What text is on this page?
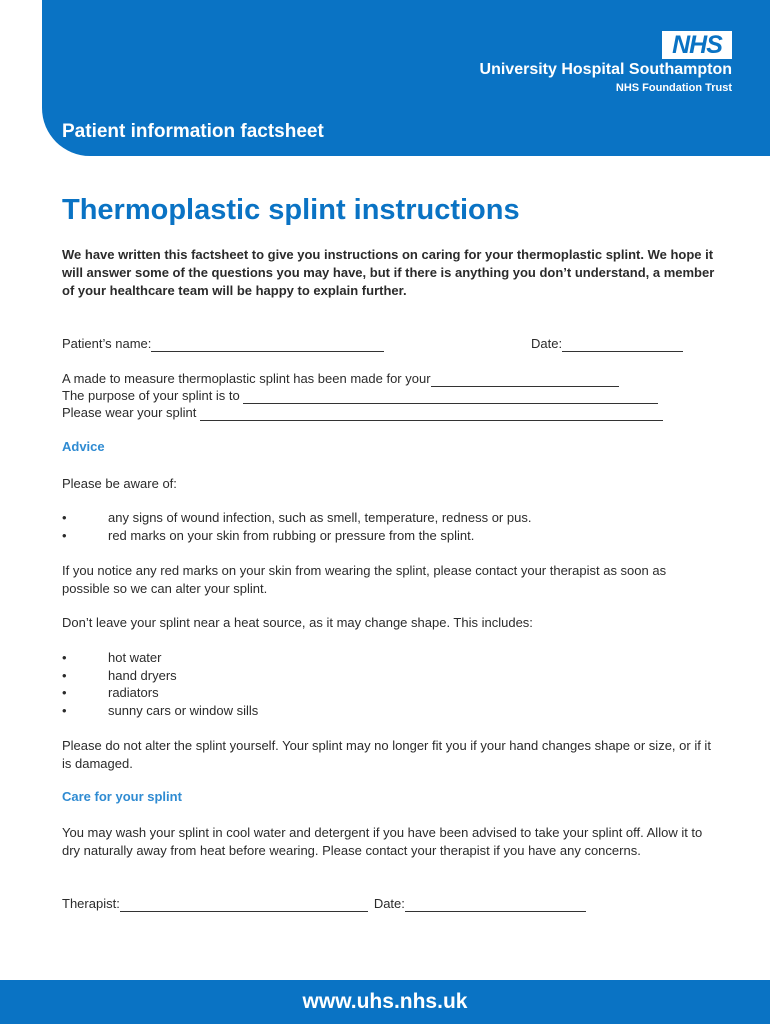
NHS
University Hospital Southampton
NHS Foundation Trust
Patient information factsheet
Thermoplastic splint instructions

We have written this factsheet to give you instructions on caring for your thermoplastic splint. We hope it will answer some of the questions you may have, but if there is anything you don’t understand, a member of your healthcare team will be happy to explain further.

Patient’s name:	Date:
A made to measure thermoplastic splint has been made for your
The purpose of your splint is to
Please wear your splint
Advice

Please be aware of:

•	any signs of wound infection, such as smell, temperature, redness or pus.
•	red marks on your skin from rubbing or pressure from the splint.

If you notice any red marks on your skin from wearing the splint, please contact your therapist as soon as possible so we can alter your splint.

Don’t leave your splint near a heat source, as it may change shape. This includes:

•	hot water
•	hand dryers
•	radiators
•	sunny cars or window sills

Please do not alter the splint yourself. Your splint may no longer fit you if your hand changes shape or size, or if it is damaged.

Care for your splint

You may wash your splint in cool water and detergent if you have been advised to take your splint off. Allow it to dry naturally away from heat before wearing. Please contact your therapist if you have any concerns.

Therapist:	Date:
www.uhs.nhs.uk
